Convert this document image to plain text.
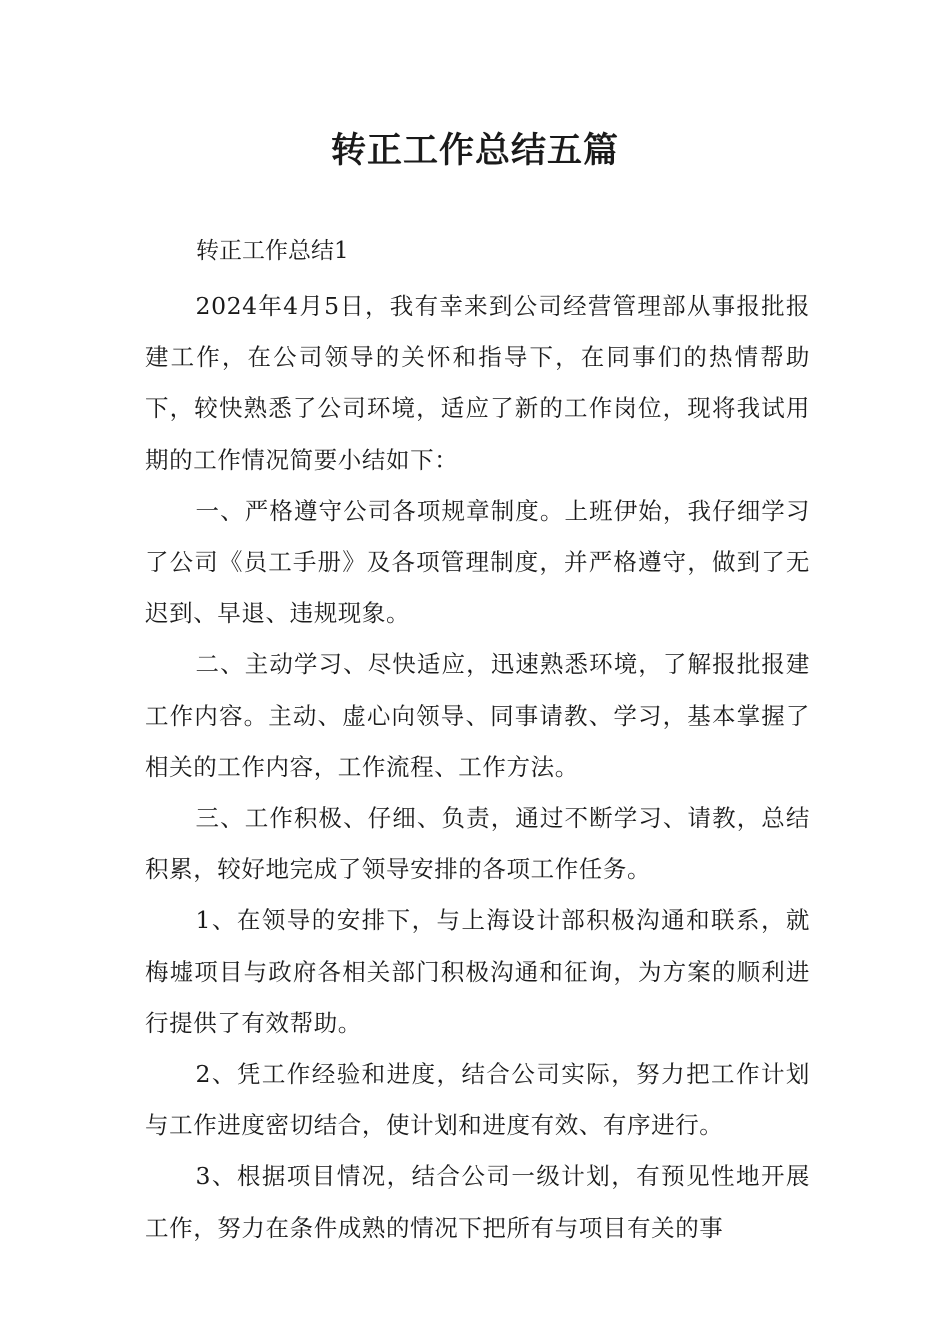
转正工作总结五篇

转正工作总结1

2024年4月5日，我有幸来到公司经营管理部从事报批报建工作，在公司领导的关怀和指导下，在同事们的热情帮助下，较快熟悉了公司环境，适应了新的工作岗位，现将我试用期的工作情况简要小结如下：

一、严格遵守公司各项规章制度。上班伊始，我仔细学习了公司《员工手册》及各项管理制度，并严格遵守，做到了无迟到、早退、违规现象。

二、主动学习、尽快适应，迅速熟悉环境，了解报批报建工作内容。主动、虚心向领导、同事请教、学习，基本掌握了相关的工作内容，工作流程、工作方法。

三、工作积极、仔细、负责，通过不断学习、请教，总结积累，较好地完成了领导安排的各项工作任务。

1、在领导的安排下，与上海设计部积极沟通和联系，就梅墟项目与政府各相关部门积极沟通和征询，为方案的顺利进行提供了有效帮助。

2、凭工作经验和进度，结合公司实际，努力把工作计划与工作进度密切结合，使计划和进度有效、有序进行。

3、根据项目情况，结合公司一级计划，有预见性地开展工作，努力在条件成熟的情况下把所有与项目有关的事
